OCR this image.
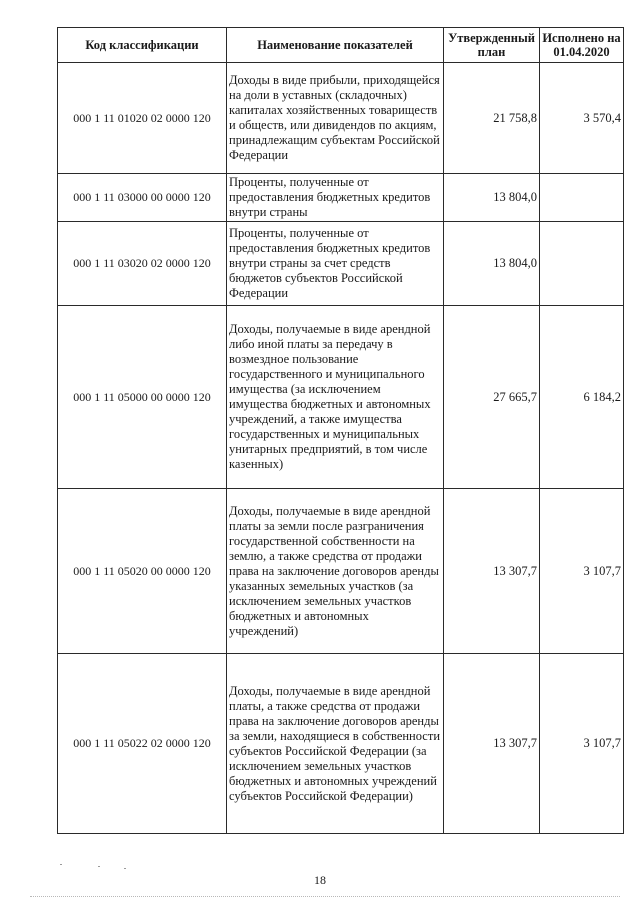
Код классификации	Наименование показателей	Утвержденный план	Исполнено на 01.04.2020
000 1 11 01020 02 0000 120	Доходы в виде прибыли, приходящейся на доли в уставных (складочных) капиталах хозяйственных товариществ и обществ, или дивидендов по акциям, принадлежащим субъектам Российской Федерации	21 758,8	3 570,4
000 1 11 03000 00 0000 120	Проценты, полученные от предоставления бюджетных кредитов внутри страны	13 804,0	
000 1 11 03020 02 0000 120	Проценты, полученные от предоставления бюджетных кредитов внутри страны за счет средств бюджетов субъектов Российской Федерации	13 804,0	
000 1 11 05000 00 0000 120	Доходы, получаемые в виде арендной либо иной платы за передачу в возмездное пользование государственного и муниципального имущества (за исключением имущества бюджетных и автономных учреждений, а также имущества государственных и муниципальных унитарных предприятий, в том числе казенных)	27 665,7	6 184,2
000 1 11 05020 00 0000 120	Доходы, получаемые в виде арендной платы за земли после разграничения государственной собственности на землю, а также средства от продажи права на заключение договоров аренды указанных земельных участков (за исключением земельных участков бюджетных и автономных учреждений)	13 307,7	3 107,7
000 1 11 05022 02 0000 120	Доходы, получаемые в виде арендной платы, а также средства от продажи права на заключение договоров аренды за земли, находящиеся в собственности субъектов Российской Федерации (за исключением земельных участков бюджетных и автономных учреждений субъектов Российской Федерации)	13 307,7	3 107,7
18
